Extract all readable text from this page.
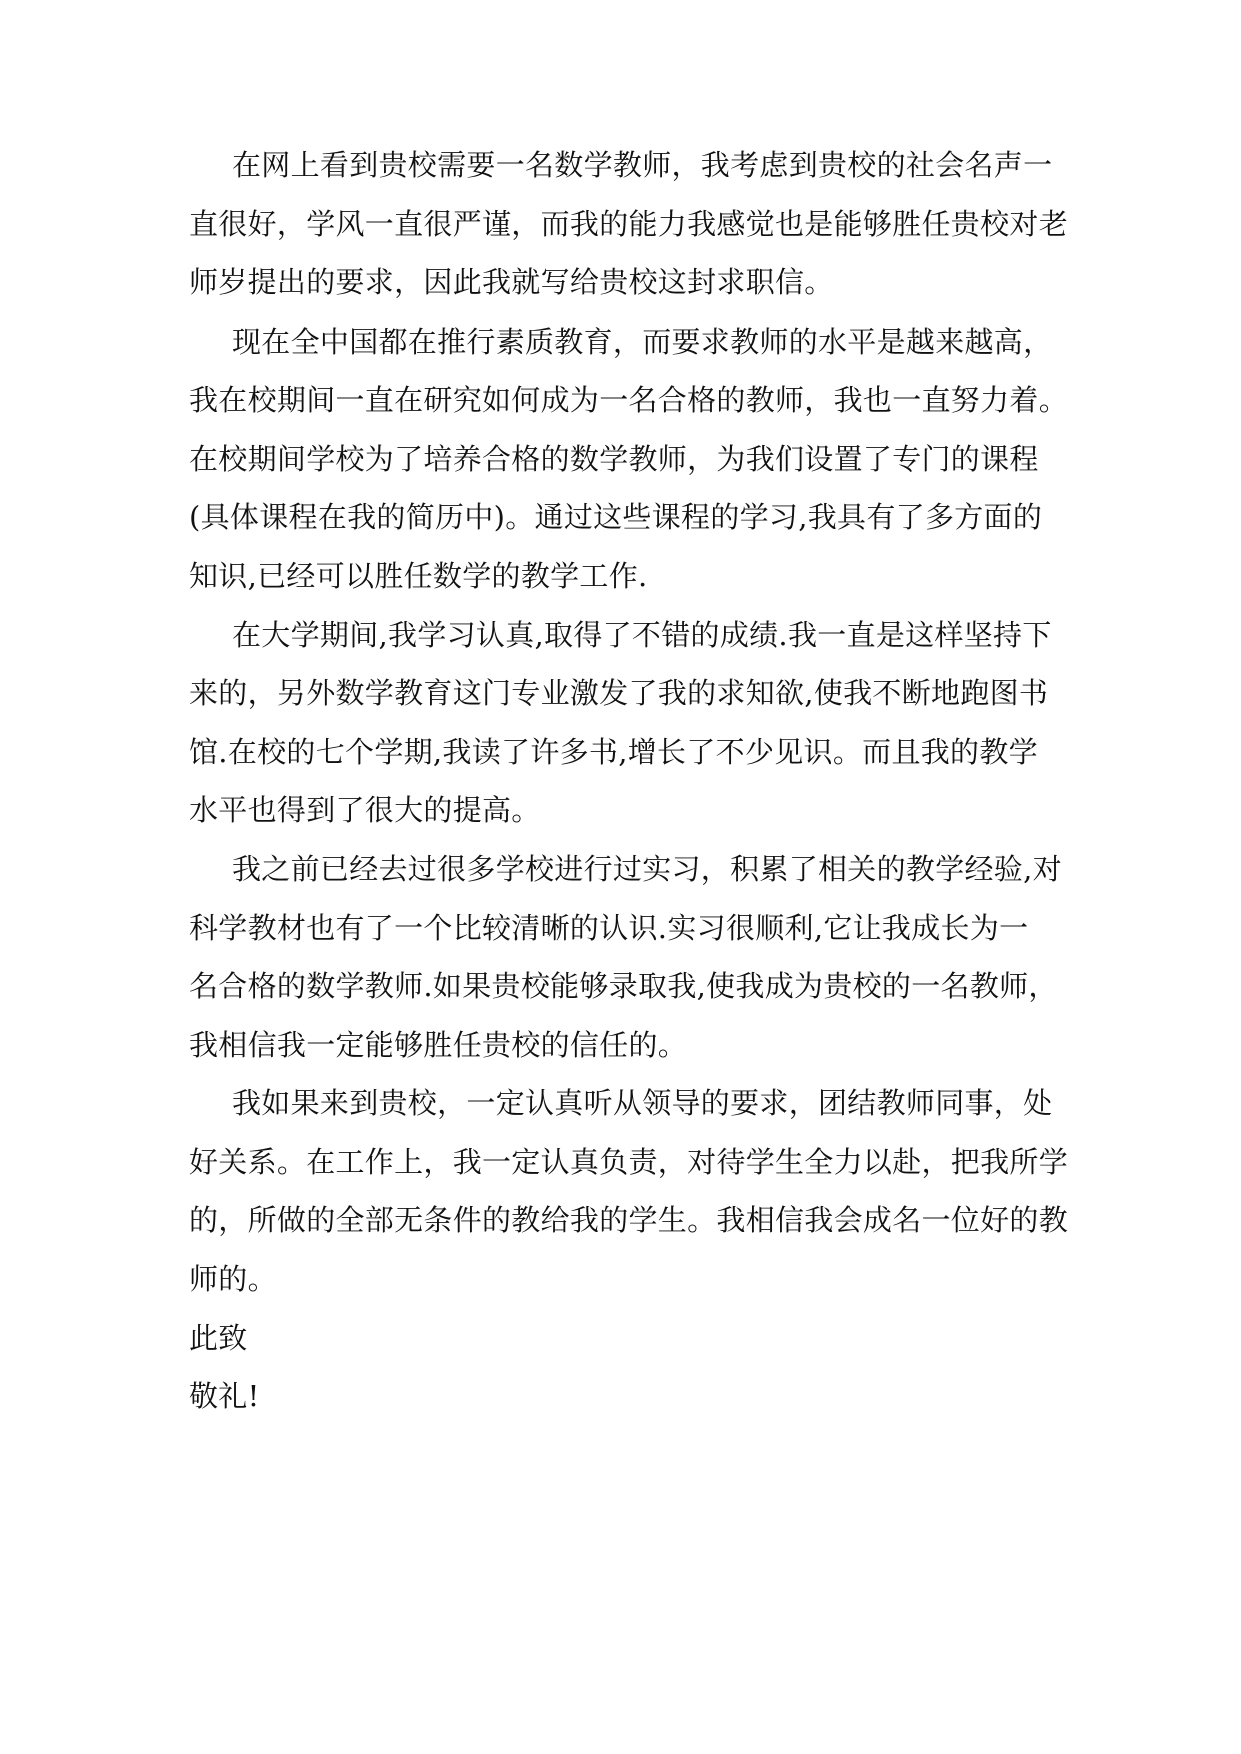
在网上看到贵校需要一名数学教师，我考虑到贵校的社会名声一

直很好，学风一直很严谨，而我的能力我感觉也是能够胜任贵校对老

师岁提出的要求，因此我就写给贵校这封求职信。

现在全中国都在推行素质教育，而要求教师的水平是越来越高，

我在校期间一直在研究如何成为一名合格的教师，我也一直努力着。

在校期间学校为了培养合格的数学教师，为我们设置了专门的课程

(具体课程在我的简历中)。通过这些课程的学习,我具有了多方面的

知识,已经可以胜任数学的教学工作.

在大学期间,我学习认真,取得了不错的成绩.我一直是这样坚持下

来的，另外数学教育这门专业激发了我的求知欲,使我不断地跑图书

馆.在校的七个学期,我读了许多书,增长了不少见识。而且我的教学

水平也得到了很大的提高。

我之前已经去过很多学校进行过实习，积累了相关的教学经验,对

科学教材也有了一个比较清晰的认识.实习很顺利,它让我成长为一

名合格的数学教师.如果贵校能够录取我,使我成为贵校的一名教师，

我相信我一定能够胜任贵校的信任的。

我如果来到贵校，一定认真听从领导的要求，团结教师同事，处

好关系。在工作上，我一定认真负责，对待学生全力以赴，把我所学

的，所做的全部无条件的教给我的学生。我相信我会成名一位好的教

师的。

此致

敬礼!
